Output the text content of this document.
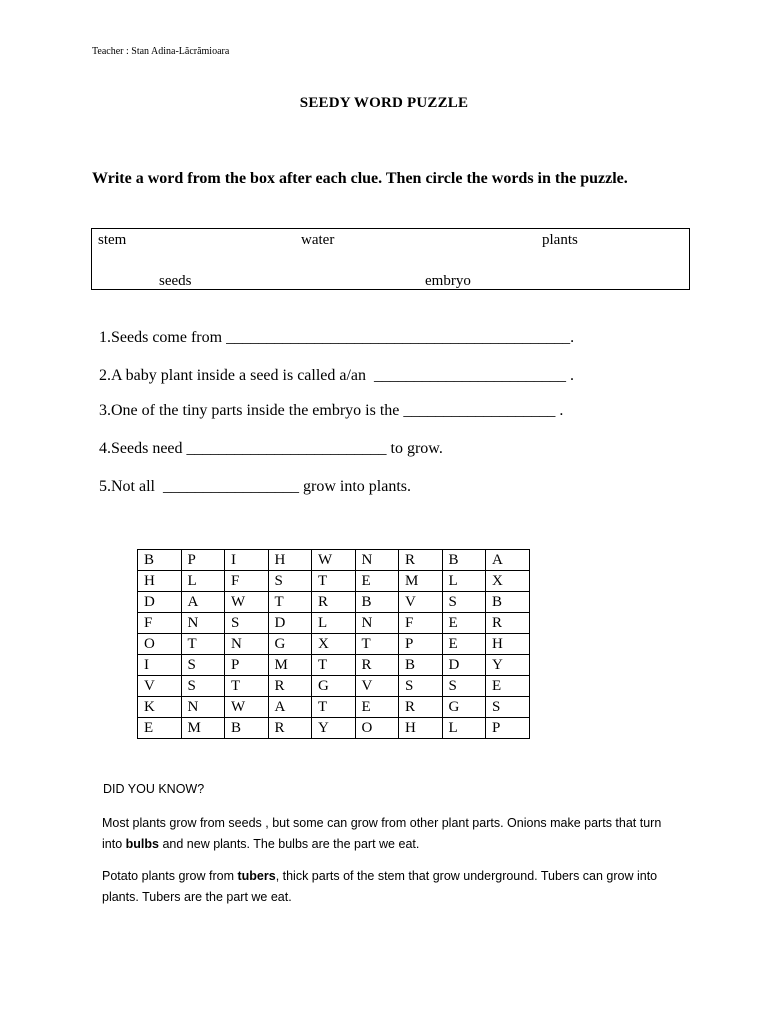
Teacher : Stan Adina-Lăcrămioara
SEEDY WORD PUZZLE
Write a word from the box after each clue. Then circle the words in the puzzle.
stem	water	plants
seeds	embryo
1.Seeds come from ___________________________________________.
2.A baby plant inside a seed is called a/an  ________________________ .
3.One of the tiny parts inside the embryo is the ___________________ .
4.Seeds need _________________________ to grow.
5.Not all  _________________ grow into plants.
B	P	I	H	W	N	R	B	A
H	L	F	S	T	E	M	L	X
D	A	W	T	R	B	V	S	B
F	N	S	D	L	N	F	E	R
O	T	N	G	X	T	P	E	H
I	S	P	M	T	R	B	D	Y
V	S	T	R	G	V	S	S	E
K	N	W	A	T	E	R	G	S
E	M	B	R	Y	O	H	L	P
DID YOU KNOW?
Most plants grow from seeds , but some can grow from other plant parts. Onions make parts that turn into bulbs and new plants. The bulbs are the part we eat.
Potato plants grow from tubers, thick parts of the stem that grow underground. Tubers can grow into plants. Tubers are the part we eat.
